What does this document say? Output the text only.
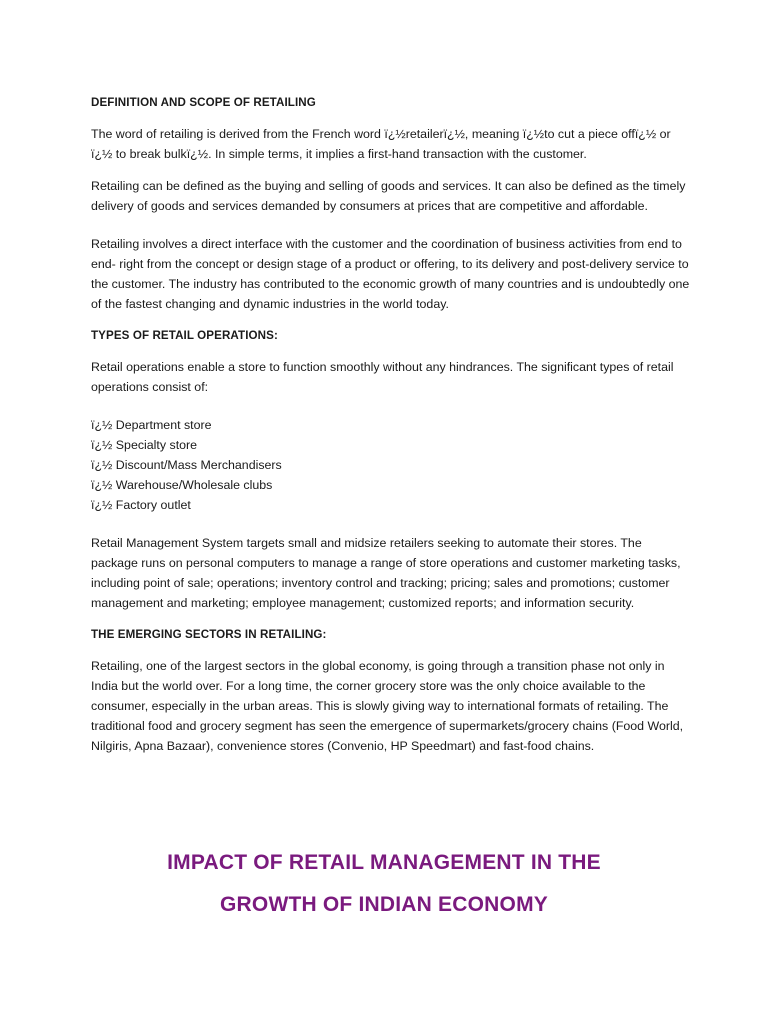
DEFINITION AND SCOPE OF RETAILING

The word of retailing is derived from the French word ï¿½retailerï¿½, meaning ï¿½to cut a piece offï¿½ or ï¿½ to break bulkï¿½. In simple terms, it implies a first-hand transaction with the customer.

Retailing can be defined as the buying and selling of goods and services. It can also be defined as the timely delivery of goods and services demanded by consumers at prices that are competitive and affordable.

Retailing involves a direct interface with the customer and the coordination of business activities from end to end- right from the concept or design stage of a product or offering, to its delivery and post-delivery service to the customer. The industry has contributed to the economic growth of many countries and is undoubtedly one of the fastest changing and dynamic industries in the world today.

TYPES OF RETAIL OPERATIONS:

Retail operations enable a store to function smoothly without any hindrances. The significant types of retail operations consist of:

ï¿½ Department store
ï¿½ Specialty store
ï¿½ Discount/Mass Merchandisers
ï¿½ Warehouse/Wholesale clubs
ï¿½ Factory outlet

Retail Management System targets small and midsize retailers seeking to automate their stores. The package runs on personal computers to manage a range of store operations and customer marketing tasks, including point of sale; operations; inventory control and tracking; pricing; sales and promotions; customer management and marketing; employee management; customized reports; and information security.

THE EMERGING SECTORS IN RETAILING:

Retailing, one of the largest sectors in the global economy, is going through a transition phase not only in India but the world over. For a long time, the corner grocery store was the only choice available to the consumer, especially in the urban areas. This is slowly giving way to international formats of retailing. The traditional food and grocery segment has seen the emergence of supermarkets/grocery chains (Food World, Nilgiris, Apna Bazaar), convenience stores (Convenio, HP Speedmart) and fast-food chains.

IMPACT OF RETAIL MANAGEMENT IN THE
GROWTH OF INDIAN ECONOMY
